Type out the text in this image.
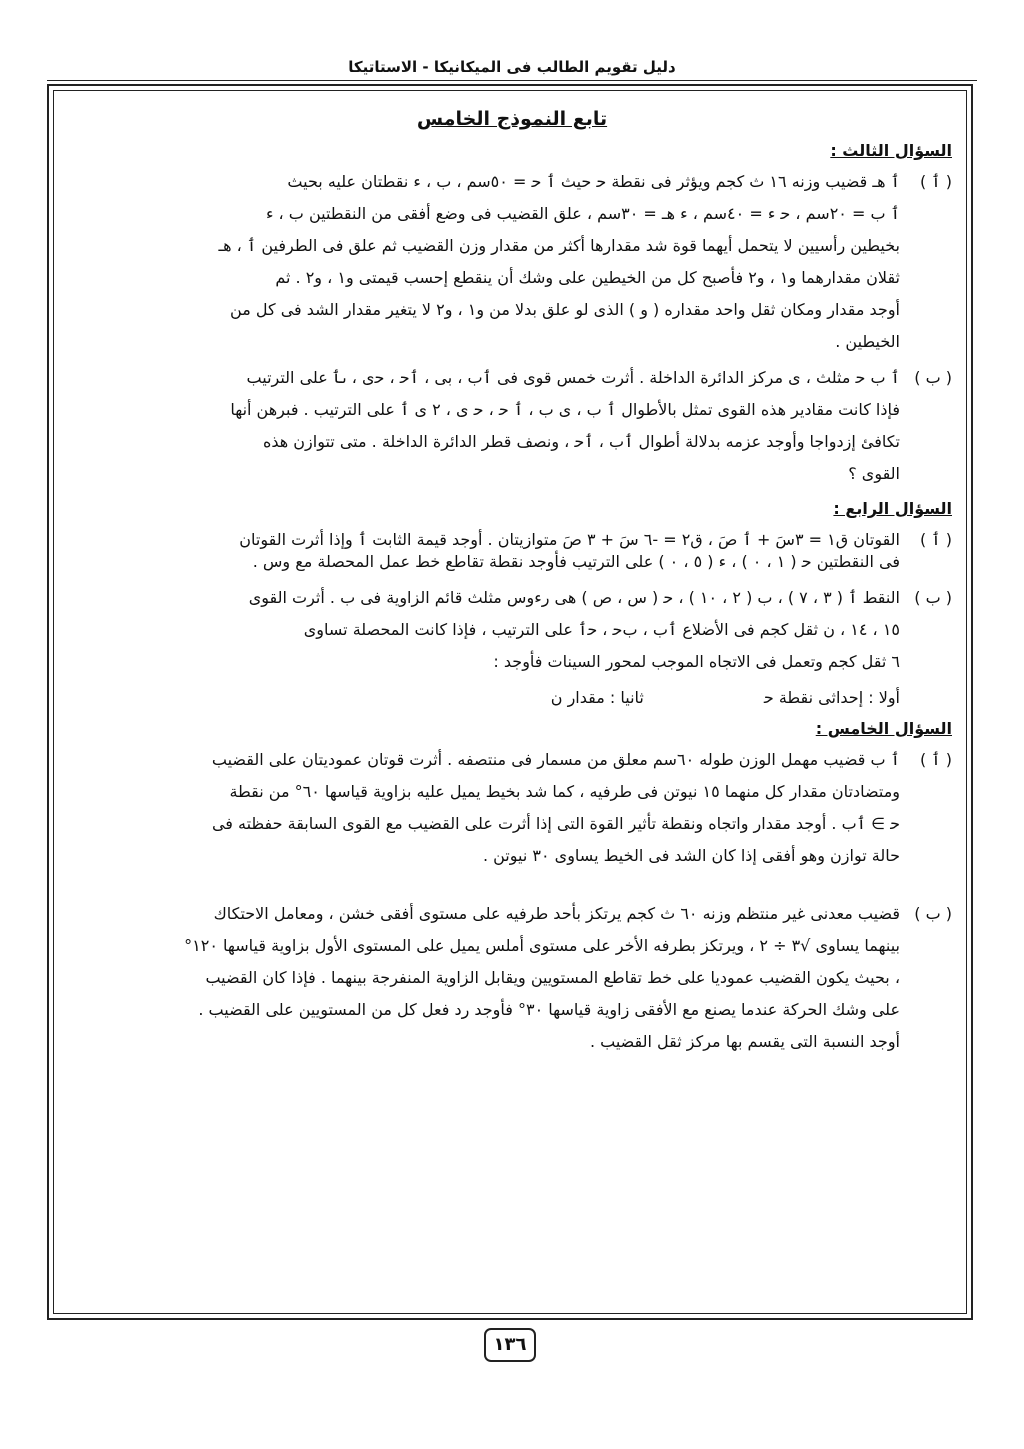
دليل تقويم الطالب فى الميكانيكا - الاستاتيكا
تابع النموذج الخامس
السؤال الثالث :
( ٲ )

ٲ هـ قضيب وزنه ١٦ ث كجم ويؤثر فى نقطة ﺣ حيث ٲ ﺣ = ٥٠سم ، ب ، ء نقطتان عليه بحيث

ٲ ب = ٢٠سم ، ﺣ ء = ٤٠سم ، ء هـ = ٣٠سم ، علق القضيب فى وضع أفقى من النقطتين ب ، ء

بخيطين رأسيين لا يتحمل أيهما قوة شد مقدارها أكثر من مقدار وزن القضيب ثم علق فى الطرفين ٲ ، هـ

ثقلان مقدارهما و١ ، و٢ فأصبح كل من الخيطين على وشك أن ينقطع إحسب قيمتى و١ ، و٢ . ثم

أوجد مقدار ومكان ثقل واحد مقداره ( و ) الذى لو علق بدلا من و١ ، و٢ لا يتغير مقدار الشد فى كل من

الخيطين .

( ب )

ٲ ب ﺣ مثلث ، ى مركز الدائرة الداخلة . أثرت خمس قوى فى ٲب ، بى ، ٲﺣ ، ﺣى ، ىٲ على الترتيب

فإذا كانت مقادير هذه القوى تمثل بالأطوال ٲ ب ، ى ب ، ٲ ﺣ ، ﺣ ى ، ٢ ى ٲ على الترتيب . فبرهن أنها

تكافئ إزدواجا وأوجد عزمه بدلالة أطوال ٲب ، ٲﺣ ، ونصف قطر الدائرة الداخلة . متى تتوازن هذه

القوى ؟

السؤال الرابع :
( ٲ )

القوتان ق١ = ٣سَ + ٲ صَ ، ق٢ = -٦ سَ + ٣ صَ متوازيتان . أوجد قيمة الثابت ٲ وإذا أثرت القوتان

فى النقطتين ﺣ ( ١ ، ٠ ) ، ء ( ٥ ، ٠ ) على الترتيب فأوجد نقطة تقاطع خط عمل المحصلة مع وس .

( ب )

النقط ٲ ( ٣ ، ٧ ) ، ب ( ٢ ، ١٠ ) ، ﺣ ( س ، ص ) هى رءوس مثلث قائم الزاوية فى ب . أثرت القوى

١٥ ، ١٤ ، ن ثقل كجم فى الأضلاع ٲب ، بﺣ ، ﺣٲ على الترتيب ، فإذا كانت المحصلة تساوى

٦ ثقل كجم وتعمل فى الاتجاه الموجب لمحور السينات فأوجد :

أولا : إحداثى نقطة ﺣ
ثانيا : مقدار ن
السؤال الخامس :
( ٲ )

ٲ ب قضيب مهمل الوزن طوله ٦٠سم معلق من مسمار فى منتصفه . أثرت قوتان عموديتان على القضيب

ومتضادتان مقدار كل منهما ١٥ نيوتن فى طرفيه ، كما شد بخيط يميل عليه بزاوية قياسها ٦٠° من نقطة

ﺣ ∋ ٲب . أوجد مقدار واتجاه ونقطة تأثير القوة التى إذا أثرت على القضيب مع القوى السابقة حفظته فى

حالة توازن وهو أفقى إذا كان الشد فى الخيط يساوى ٣٠ نيوتن .

( ب )

قضيب معدنى غير منتظم وزنه ٦٠ ث كجم يرتكز بأحد طرفيه على مستوى أفقى خشن ، ومعامل الاحتكاك

بينهما يساوى √٣ ÷ ٢ ، ويرتكز بطرفه الأخر على مستوى أملس يميل على المستوى الأول بزاوية قياسها ١٢٠°

، بحيث يكون القضيب عموديا على خط تقاطع المستويين ويقابل الزاوية المنفرجة بينهما . فإذا كان القضيب

على وشك الحركة عندما يصنع مع الأفقى زاوية قياسها ٣٠° فأوجد رد فعل كل من المستويين على القضيب .

أوجد النسبة التى يقسم بها مركز ثقل القضيب .

١٣٦
